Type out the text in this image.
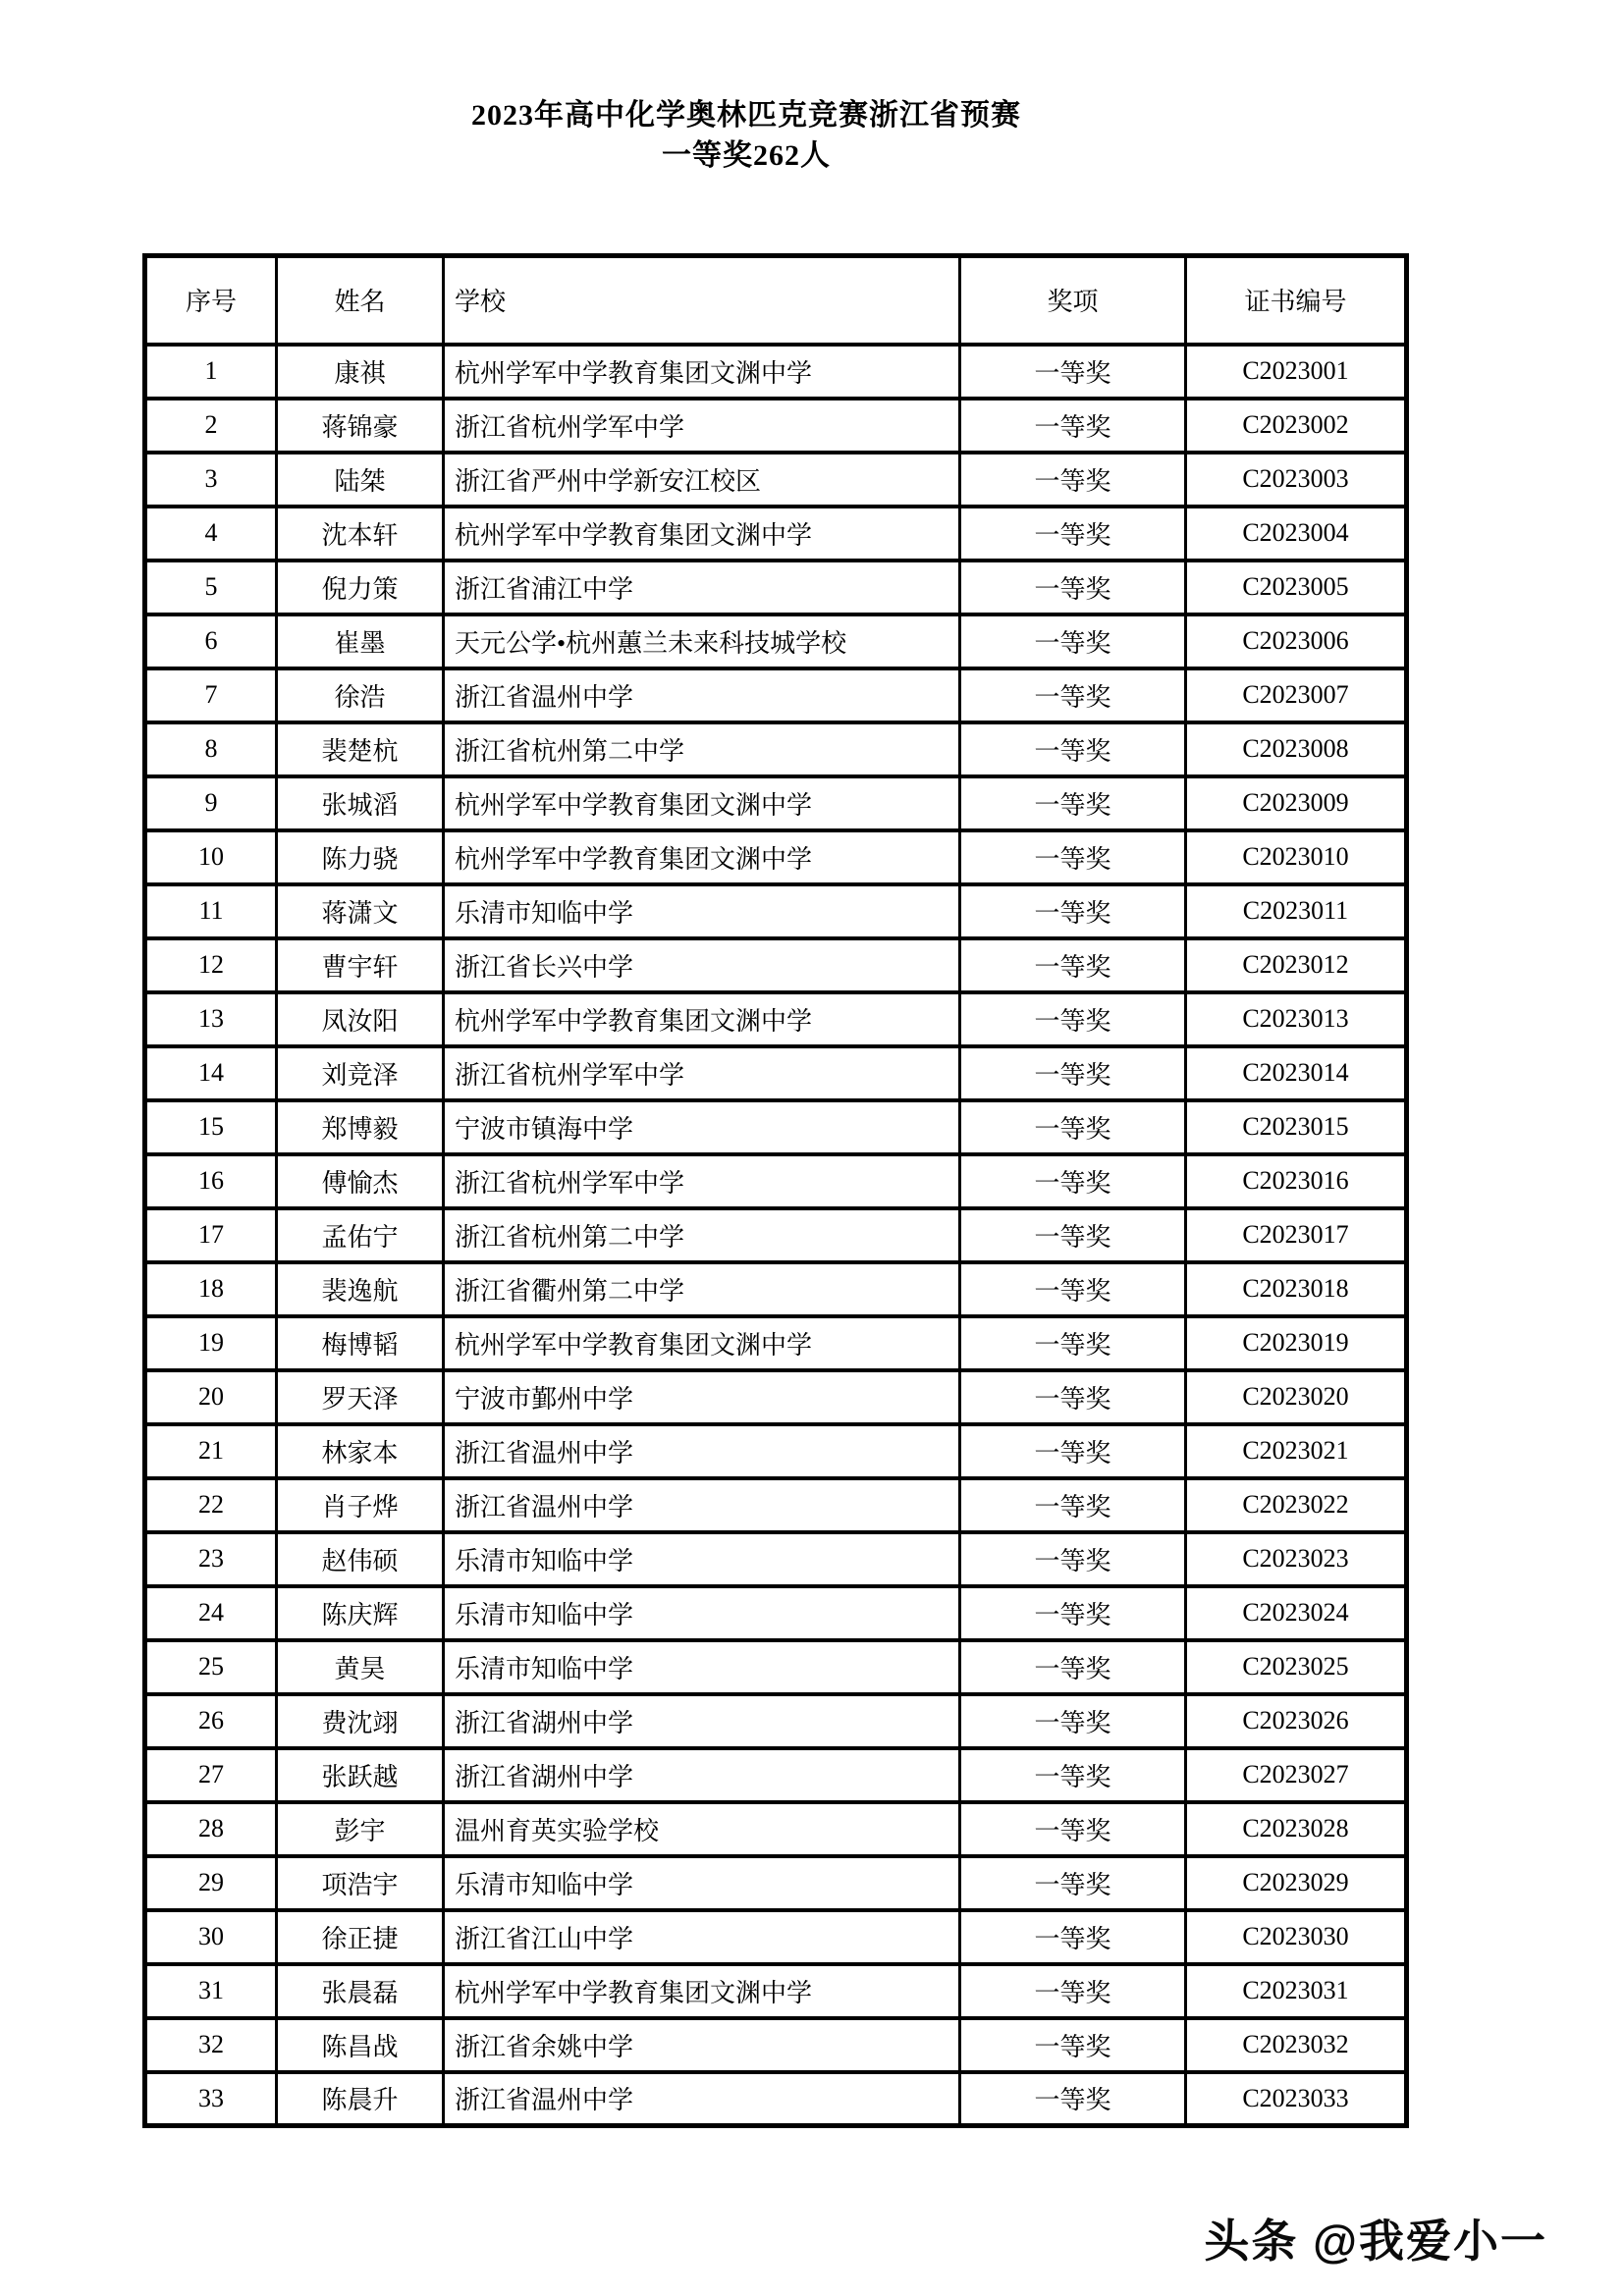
2023年高中化学奥林匹克竞赛浙江省预赛
一等奖262人
序号	姓名	学校	奖项	证书编号
1	康祺	杭州学军中学教育集团文渊中学	一等奖	C2023001
2	蒋锦豪	浙江省杭州学军中学	一等奖	C2023002
3	陆桀	浙江省严州中学新安江校区	一等奖	C2023003
4	沈本轩	杭州学军中学教育集团文渊中学	一等奖	C2023004
5	倪力策	浙江省浦江中学	一等奖	C2023005
6	崔墨	天元公学•杭州蕙兰未来科技城学校	一等奖	C2023006
7	徐浩	浙江省温州中学	一等奖	C2023007
8	裴楚杭	浙江省杭州第二中学	一等奖	C2023008
9	张城滔	杭州学军中学教育集团文渊中学	一等奖	C2023009
10	陈力骁	杭州学军中学教育集团文渊中学	一等奖	C2023010
11	蒋潇文	乐清市知临中学	一等奖	C2023011
12	曹宇轩	浙江省长兴中学	一等奖	C2023012
13	凤汝阳	杭州学军中学教育集团文渊中学	一等奖	C2023013
14	刘竞泽	浙江省杭州学军中学	一等奖	C2023014
15	郑博毅	宁波市镇海中学	一等奖	C2023015
16	傅愉杰	浙江省杭州学军中学	一等奖	C2023016
17	孟佑宁	浙江省杭州第二中学	一等奖	C2023017
18	裴逸航	浙江省衢州第二中学	一等奖	C2023018
19	梅博韬	杭州学军中学教育集团文渊中学	一等奖	C2023019
20	罗天泽	宁波市鄞州中学	一等奖	C2023020
21	林家本	浙江省温州中学	一等奖	C2023021
22	肖子烨	浙江省温州中学	一等奖	C2023022
23	赵伟硕	乐清市知临中学	一等奖	C2023023
24	陈庆辉	乐清市知临中学	一等奖	C2023024
25	黄昊	乐清市知临中学	一等奖	C2023025
26	费沈翊	浙江省湖州中学	一等奖	C2023026
27	张跃越	浙江省湖州中学	一等奖	C2023027
28	彭宇	温州育英实验学校	一等奖	C2023028
29	项浩宇	乐清市知临中学	一等奖	C2023029
30	徐正捷	浙江省江山中学	一等奖	C2023030
31	张晨磊	杭州学军中学教育集团文渊中学	一等奖	C2023031
32	陈昌战	浙江省余姚中学	一等奖	C2023032
33	陈晨升	浙江省温州中学	一等奖	C2023033
头条 @我爱小一
